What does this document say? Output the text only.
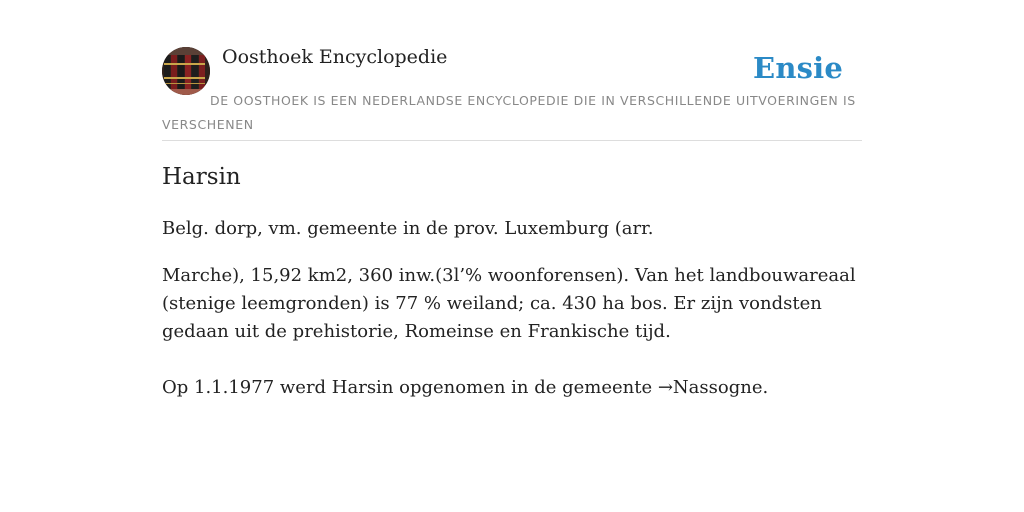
Oosthoek Encyclopedie	Ensie
DE OOSTHOEK IS EEN NEDERLANDSE ENCYCLOPEDIE DIE IN VERSCHILLENDE UITVOERINGEN IS VERSCHENEN
Harsin

Belg. dorp, vm. gemeente in de prov. Luxemburg (arr.

Marche), 15,92 km2, 360 inw.(3l’% woonforensen). Van het landbouwareaal (stenige leemgronden) is 77 % weiland; ca. 430 ha bos. Er zijn vondsten gedaan uit de prehistorie, Romeinse en Frankische tijd.

Op 1.1.1977 werd Harsin opgenomen in de gemeente →Nassogne.
